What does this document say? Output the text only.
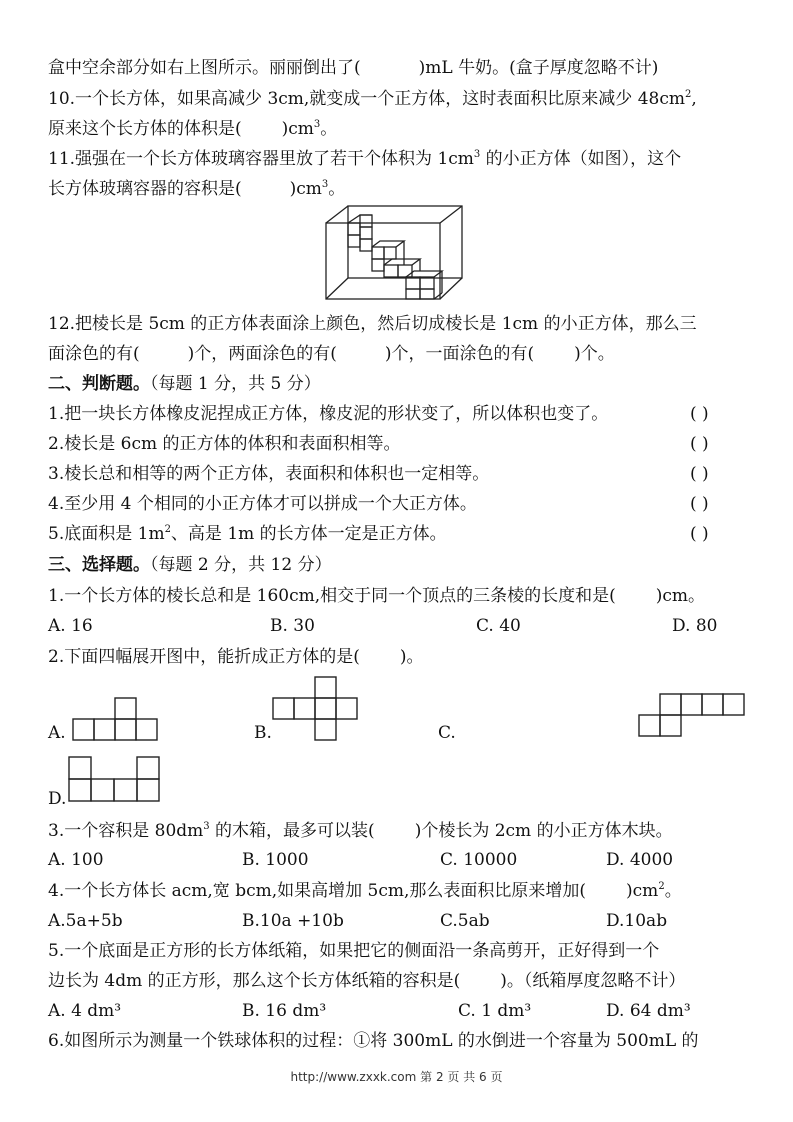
盒中空余部分如右上图所示。丽丽倒出了(	)mL 牛奶。(盒子厚度忽略不计)
10.一个长方体，如果高减少 3cm,就变成一个正方体，这时表面积比原来减少 $48cm^2$,
原来这个长方体的体积是( )$cm^3$。
11.强强在一个长方体玻璃容器里放了若干个体积为 $1cm^3$ 的小正方体（如图），这个
长方体玻璃容器的容积是(	)$cm^3$。
12.把棱长是 5cm 的正方体表面涂上颜色，然后切成棱长是 1cm 的小正方体，那么三
面涂色的有(	)个，两面涂色的有(	)个，一面涂色的有( )个。
二、判断题。（每题 1 分，共 5 分）
1.把一块长方体橡皮泥捏成正方体，橡皮泥的形状变了，所以体积也变了。	( )
2.棱长是 6cm 的正方体的体积和表面积相等。	( )
3.棱长总和相等的两个正方体，表面积和体积也一定相等。	( )
4.至少用 4 个相同的小正方体才可以拼成一个大正方体。	( )
5.底面积是 $1m^2$、高是 1m 的长方体一定是正方体。	( )
三、选择题。（每题 2 分，共 12 分）
1.一个长方体的棱长总和是 160cm,相交于同一个顶点的三条棱的长度和是( )cm。
A. 16	B. 30	C. 40	D. 80
2.下面四幅展开图中，能折成正方体的是( )。
A.	B.	C.
D.
3.一个容积是 $80dm^3$ 的木箱，最多可以装( )个棱长为 2cm 的小正方体木块。
A. 100	B. 1000	C. 10000	D. 4000
4.一个长方体长 acm,宽 bcm,如果高增加 5cm,那么表面积比原来增加( )$cm^2$。
A.5a+5b	B.10a +10b	C.5ab	D.10ab
5.一个底面是正方形的长方体纸箱，如果把它的侧面沿一条高剪开，正好得到一个
边长为 4dm 的正方形，那么这个长方体纸箱的容积是( )。（纸箱厚度忽略不计）
A. 4 dm³	B. 16 dm³	C. 1 dm³	D. 64 dm³
6.如图所示为测量一个铁球体积的过程：①将 300mL 的水倒进一个容量为 500mL 的
http://www.zxxk.com 第 2 页 共 6 页
